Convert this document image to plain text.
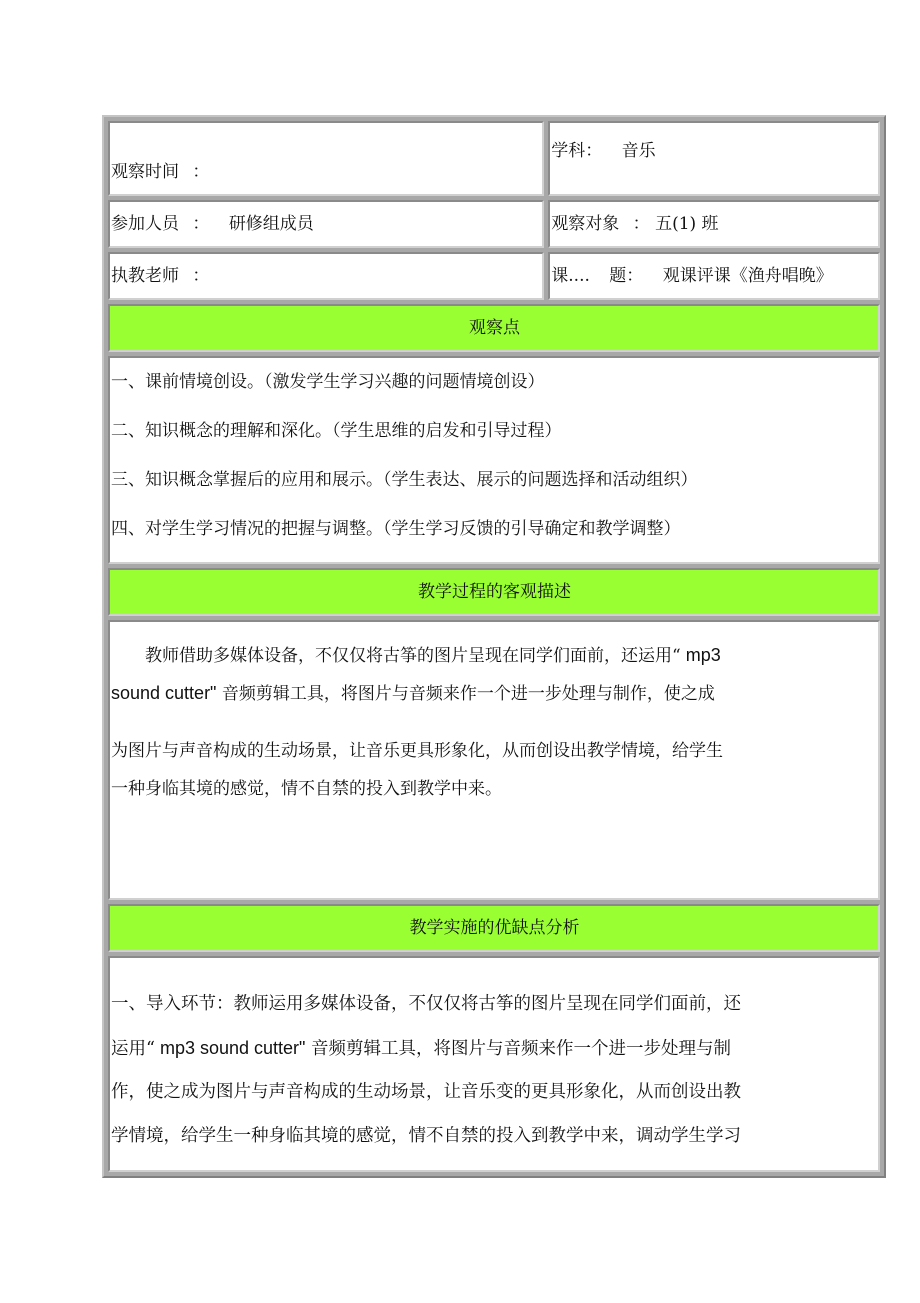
观察时间 ：	学科： 音乐
参加人员 ： 研修组成员	观察对象 ： 五(1) 班
执教老师 ：	课.... 题： 观课评课《渔舟唱晚》
观察点	

一、课前情境创设。（激发学生学习兴趣的问题情境创设）
二、知识概念的理解和深化。（学生思维的启发和引导过程）
三、知识概念掌握后的应用和展示。（学生表达、展示的问题选择和活动组织）
四、对学生学习情况的把握与调整。（学生学习反馈的引导确定和教学调整）	

教学过程的客观描述	

教师借助多媒体设备，不仅仅将古筝的图片呈现在同学们面前，还运用“ mp3
sound cutter" 音频剪辑工具，将图片与音频来作一个进一步处理与制作，使之成
为图片与声音构成的生动场景，让音乐更具形象化，从而创设出教学情境，给学生
一种身临其境的感觉，情不自禁的投入到教学中来。	

教学实施的优缺点分析	

一、导入环节：教师运用多媒体设备，不仅仅将古筝的图片呈现在同学们面前，还
运用“ mp3 sound cutter" 音频剪辑工具，将图片与音频来作一个进一步处理与制
作，使之成为图片与声音构成的生动场景，让音乐变的更具形象化，从而创设出教
学情境，给学生一种身临其境的感觉，情不自禁的投入到教学中来，调动学生学习	
